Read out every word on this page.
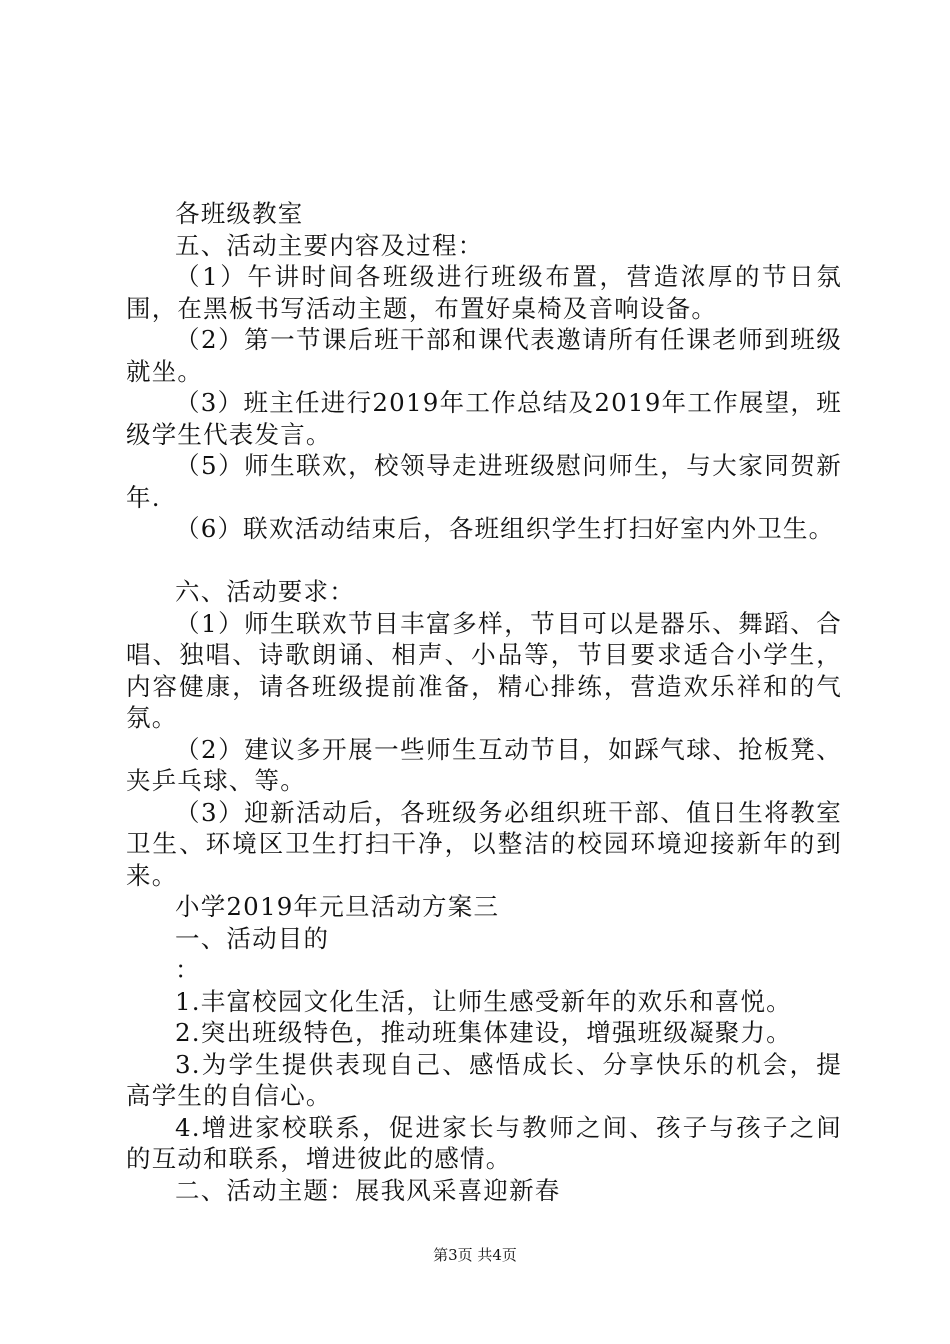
各班级教室

五、活动主要内容及过程：

（1）午讲时间各班级进行班级布置，营造浓厚的节日氛围，在黑板书写活动主题，布置好桌椅及音响设备。

（2）第一节课后班干部和课代表邀请所有任课老师到班级就坐。

（3）班主任进行2019年工作总结及2019年工作展望，班级学生代表发言。

（5）师生联欢，校领导走进班级慰问师生，与大家同贺新年.

（6）联欢活动结束后，各班组织学生打扫好室内外卫生。

六、活动要求：

（1）师生联欢节目丰富多样，节目可以是器乐、舞蹈、合唱、独唱、诗歌朗诵、相声、小品等，节目要求适合小学生，内容健康，请各班级提前准备，精心排练，营造欢乐祥和的气氛。

（2）建议多开展一些师生互动节目，如踩气球、抢板凳、夹乒乓球、等。

（3）迎新活动后，各班级务必组织班干部、值日生将教室卫生、环境区卫生打扫干净，以整洁的校园环境迎接新年的到来。

小学2019年元旦活动方案三

一、活动目的

：

1.丰富校园文化生活，让师生感受新年的欢乐和喜悦。

2.突出班级特色，推动班集体建设，增强班级凝聚力。

3.为学生提供表现自己、感悟成长、分享快乐的机会，提高学生的自信心。

4.增进家校联系，促进家长与教师之间、孩子与孩子之间的互动和联系，增进彼此的感情。

二、活动主题：展我风采喜迎新春

第3页 共4页
